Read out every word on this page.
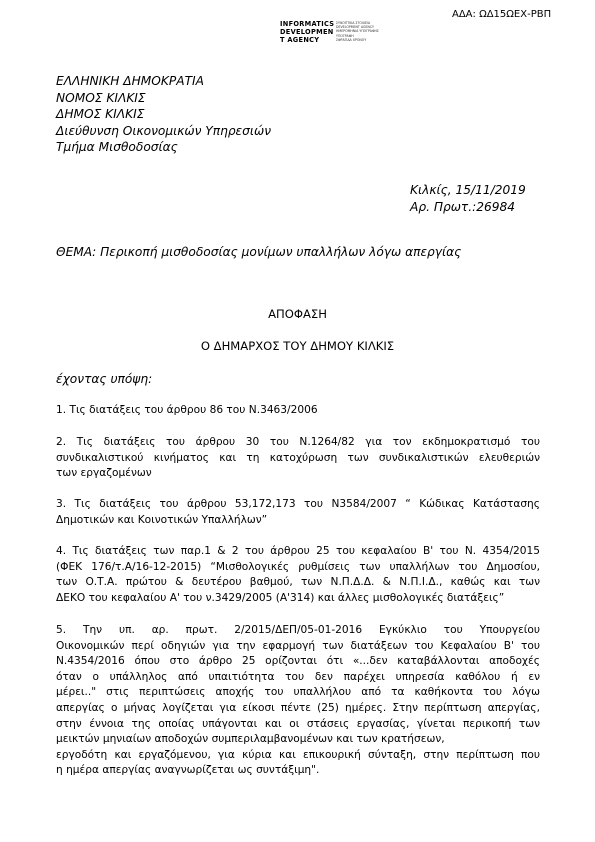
ΑΔΑ: ΩΔ15ΩΕΧ-ΡΒΠ
INFORMATICS
DEVELOPMEN
T AGENCY
ΣΥΝΟΠΤΙΚΑ ΣΤΟΙΧΕΙΑ
DEVELOPMENT AGENCY
ΗΜΕΡΟΜΗΝΙΑ ΥΠΟΓΡΑΦΗΣ
ΥΠΟΓΡΑΦΗ
ΣΦΡΑΓΙΔΑ ΧΡΟΝΟΥ
ΕΛΛΗΝΙΚΗ ΔΗΜΟΚΡΑΤΙΑ
ΝΟΜΟΣ ΚΙΛΚΙΣ
ΔΗΜΟΣ ΚΙΛΚΙΣ
Διεύθυνση Οικονομικών Υπηρεσιών
Τμήμα Μισθοδοσίας
Κιλκίς, 15/11/2019
Αρ. Πρωτ.:26984
ΘΕΜΑ: Περικοπή μισθοδοσίας μονίμων υπαλλήλων λόγω απεργίας
ΑΠΟΦΑΣΗ
Ο ΔΗΜΑΡΧΟΣ ΤΟΥ ΔΗΜΟΥ ΚΙΛΚΙΣ
έχοντας υπόψη:
1. Τις διατάξεις του άρθρου 86 του Ν.3463/2006
2. Τις διατάξεις του άρθρου 30 του Ν.1264/82 για τον εκδημοκρατισμό του
συνδικαλιστικού κινήματος και τη κατοχύρωση των συνδικαλιστικών ελευθεριών
των εργαζομένων
3. Τις διατάξεις του άρθρου 53,172,173 του Ν3584/2007 “ Κώδικας Κατάστασης
Δημοτικών και Κοινοτικών Υπαλλήλων”
4. Τις διατάξεις των παρ.1 & 2 του άρθρου 25 του κεφαλαίου Β' του Ν. 4354/2015
(ΦΕΚ 176/τ.Α/16-12-2015) “Μισθολογικές ρυθμίσεις των υπαλλήλων του Δημοσίου,
των Ο.Τ.Α. πρώτου & δευτέρου βαθμού, των Ν.Π.Δ.Δ. & Ν.Π.Ι.Δ., καθώς και των
ΔΕΚΟ του κεφαλαίου Α' του ν.3429/2005 (Α'314) και άλλες μισθολογικές διατάξεις”
5. Την υπ. αρ. πρωτ. 2/2015/ΔΕΠ/05-01-2016 Εγκύκλιο του Υπουργείου
Οικονομικών περί οδηγιών για την εφαρμογή των διατάξεων του Κεφαλαίου Β' του
Ν.4354/2016 όπου στο άρθρο 25 ορίζονται ότι «...δεν καταβάλλονται αποδοχές
όταν ο υπάλληλος από υπαιτιότητα του δεν παρέχει υπηρεσία καθόλου ή εν
μέρει.." στις περιπτώσεις αποχής του υπαλλήλου από τα καθήκοντα του λόγω
απεργίας ο μήνας λογίζεται για είκοσι πέντε (25) ημέρες. Στην περίπτωση απεργίας,
στην έννοια της οποίας υπάγονται και οι στάσεις εργασίας, γίνεται περικοπή των
μεικτών μηνιαίων αποδοχών συμπεριλαμβανομένων και των κρατήσεων,
εργοδότη και εργαζόμενου, για κύρια και επικουρική σύνταξη, στην περίπτωση που
η ημέρα απεργίας αναγνωρίζεται ως συντάξιμη".
